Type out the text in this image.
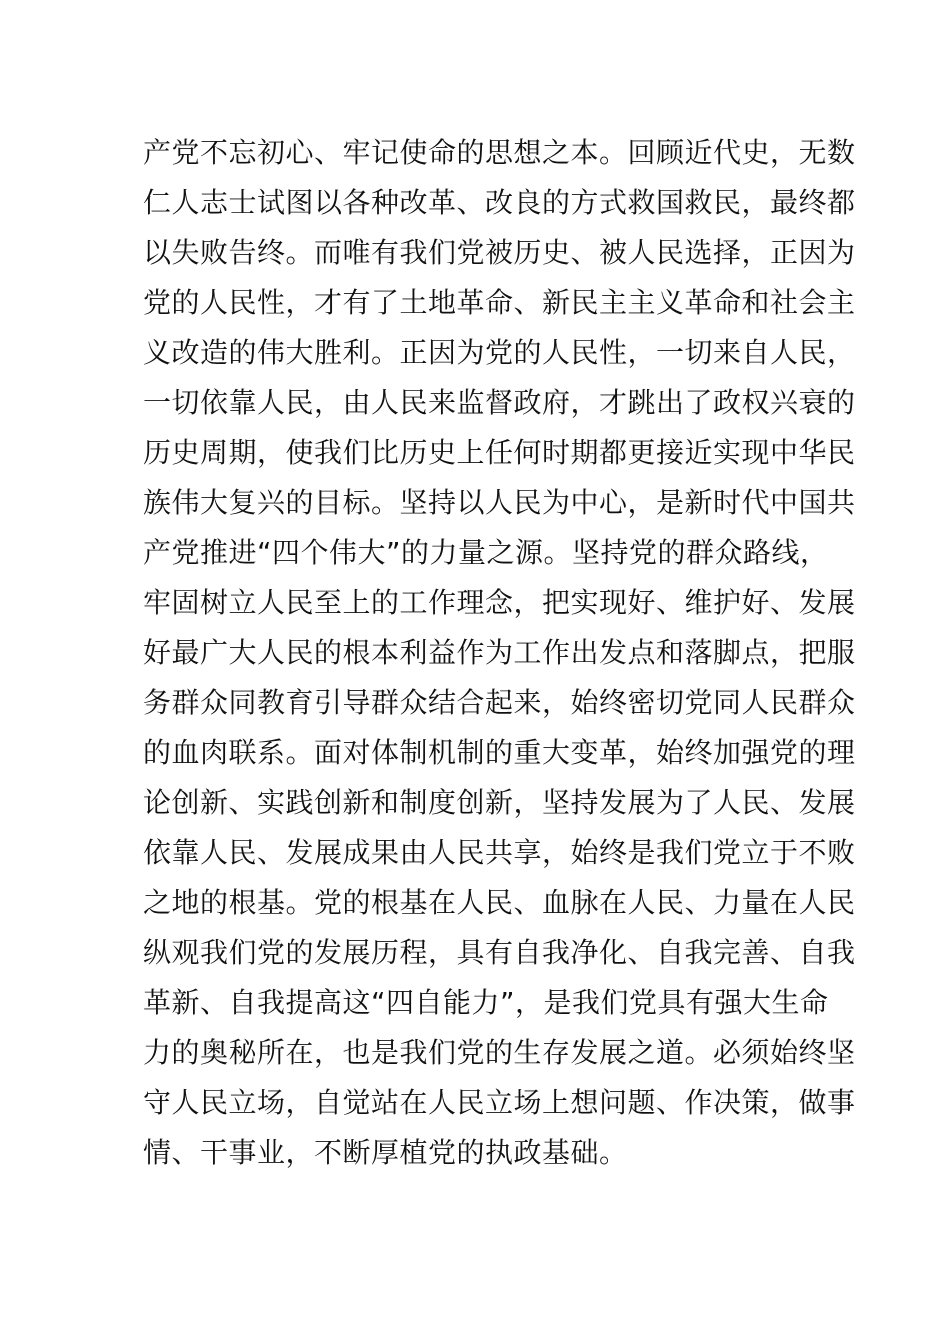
产党不忘初心、牢记使命的思想之本。回顾近代史，无数
仁人志士试图以各种改革、改良的方式救国救民，最终都
以失败告终。而唯有我们党被历史、被人民选择，正因为
党的人民性，才有了土地革命、新民主主义革命和社会主
义改造的伟大胜利。正因为党的人民性，一切来自人民，
一切依靠人民，由人民来监督政府，才跳出了政权兴衰的
历史周期，使我们比历史上任何时期都更接近实现中华民
族伟大复兴的目标。坚持以人民为中心，是新时代中国共
产党推进“四个伟大”的力量之源。坚持党的群众路线，
牢固树立人民至上的工作理念，把实现好、维护好、发展
好最广大人民的根本利益作为工作出发点和落脚点，把服
务群众同教育引导群众结合起来，始终密切党同人民群众
的血肉联系。面对体制机制的重大变革，始终加强党的理
论创新、实践创新和制度创新，坚持发展为了人民、发展
依靠人民、发展成果由人民共享，始终是我们党立于不败
之地的根基。党的根基在人民、血脉在人民、力量在人民
纵观我们党的发展历程，具有自我净化、自我完善、自我
革新、自我提高这“四自能力”，是我们党具有强大生命
力的奥秘所在，也是我们党的生存发展之道。必须始终坚
守人民立场，自觉站在人民立场上想问题、作决策，做事
情、干事业，不断厚植党的执政基础。
